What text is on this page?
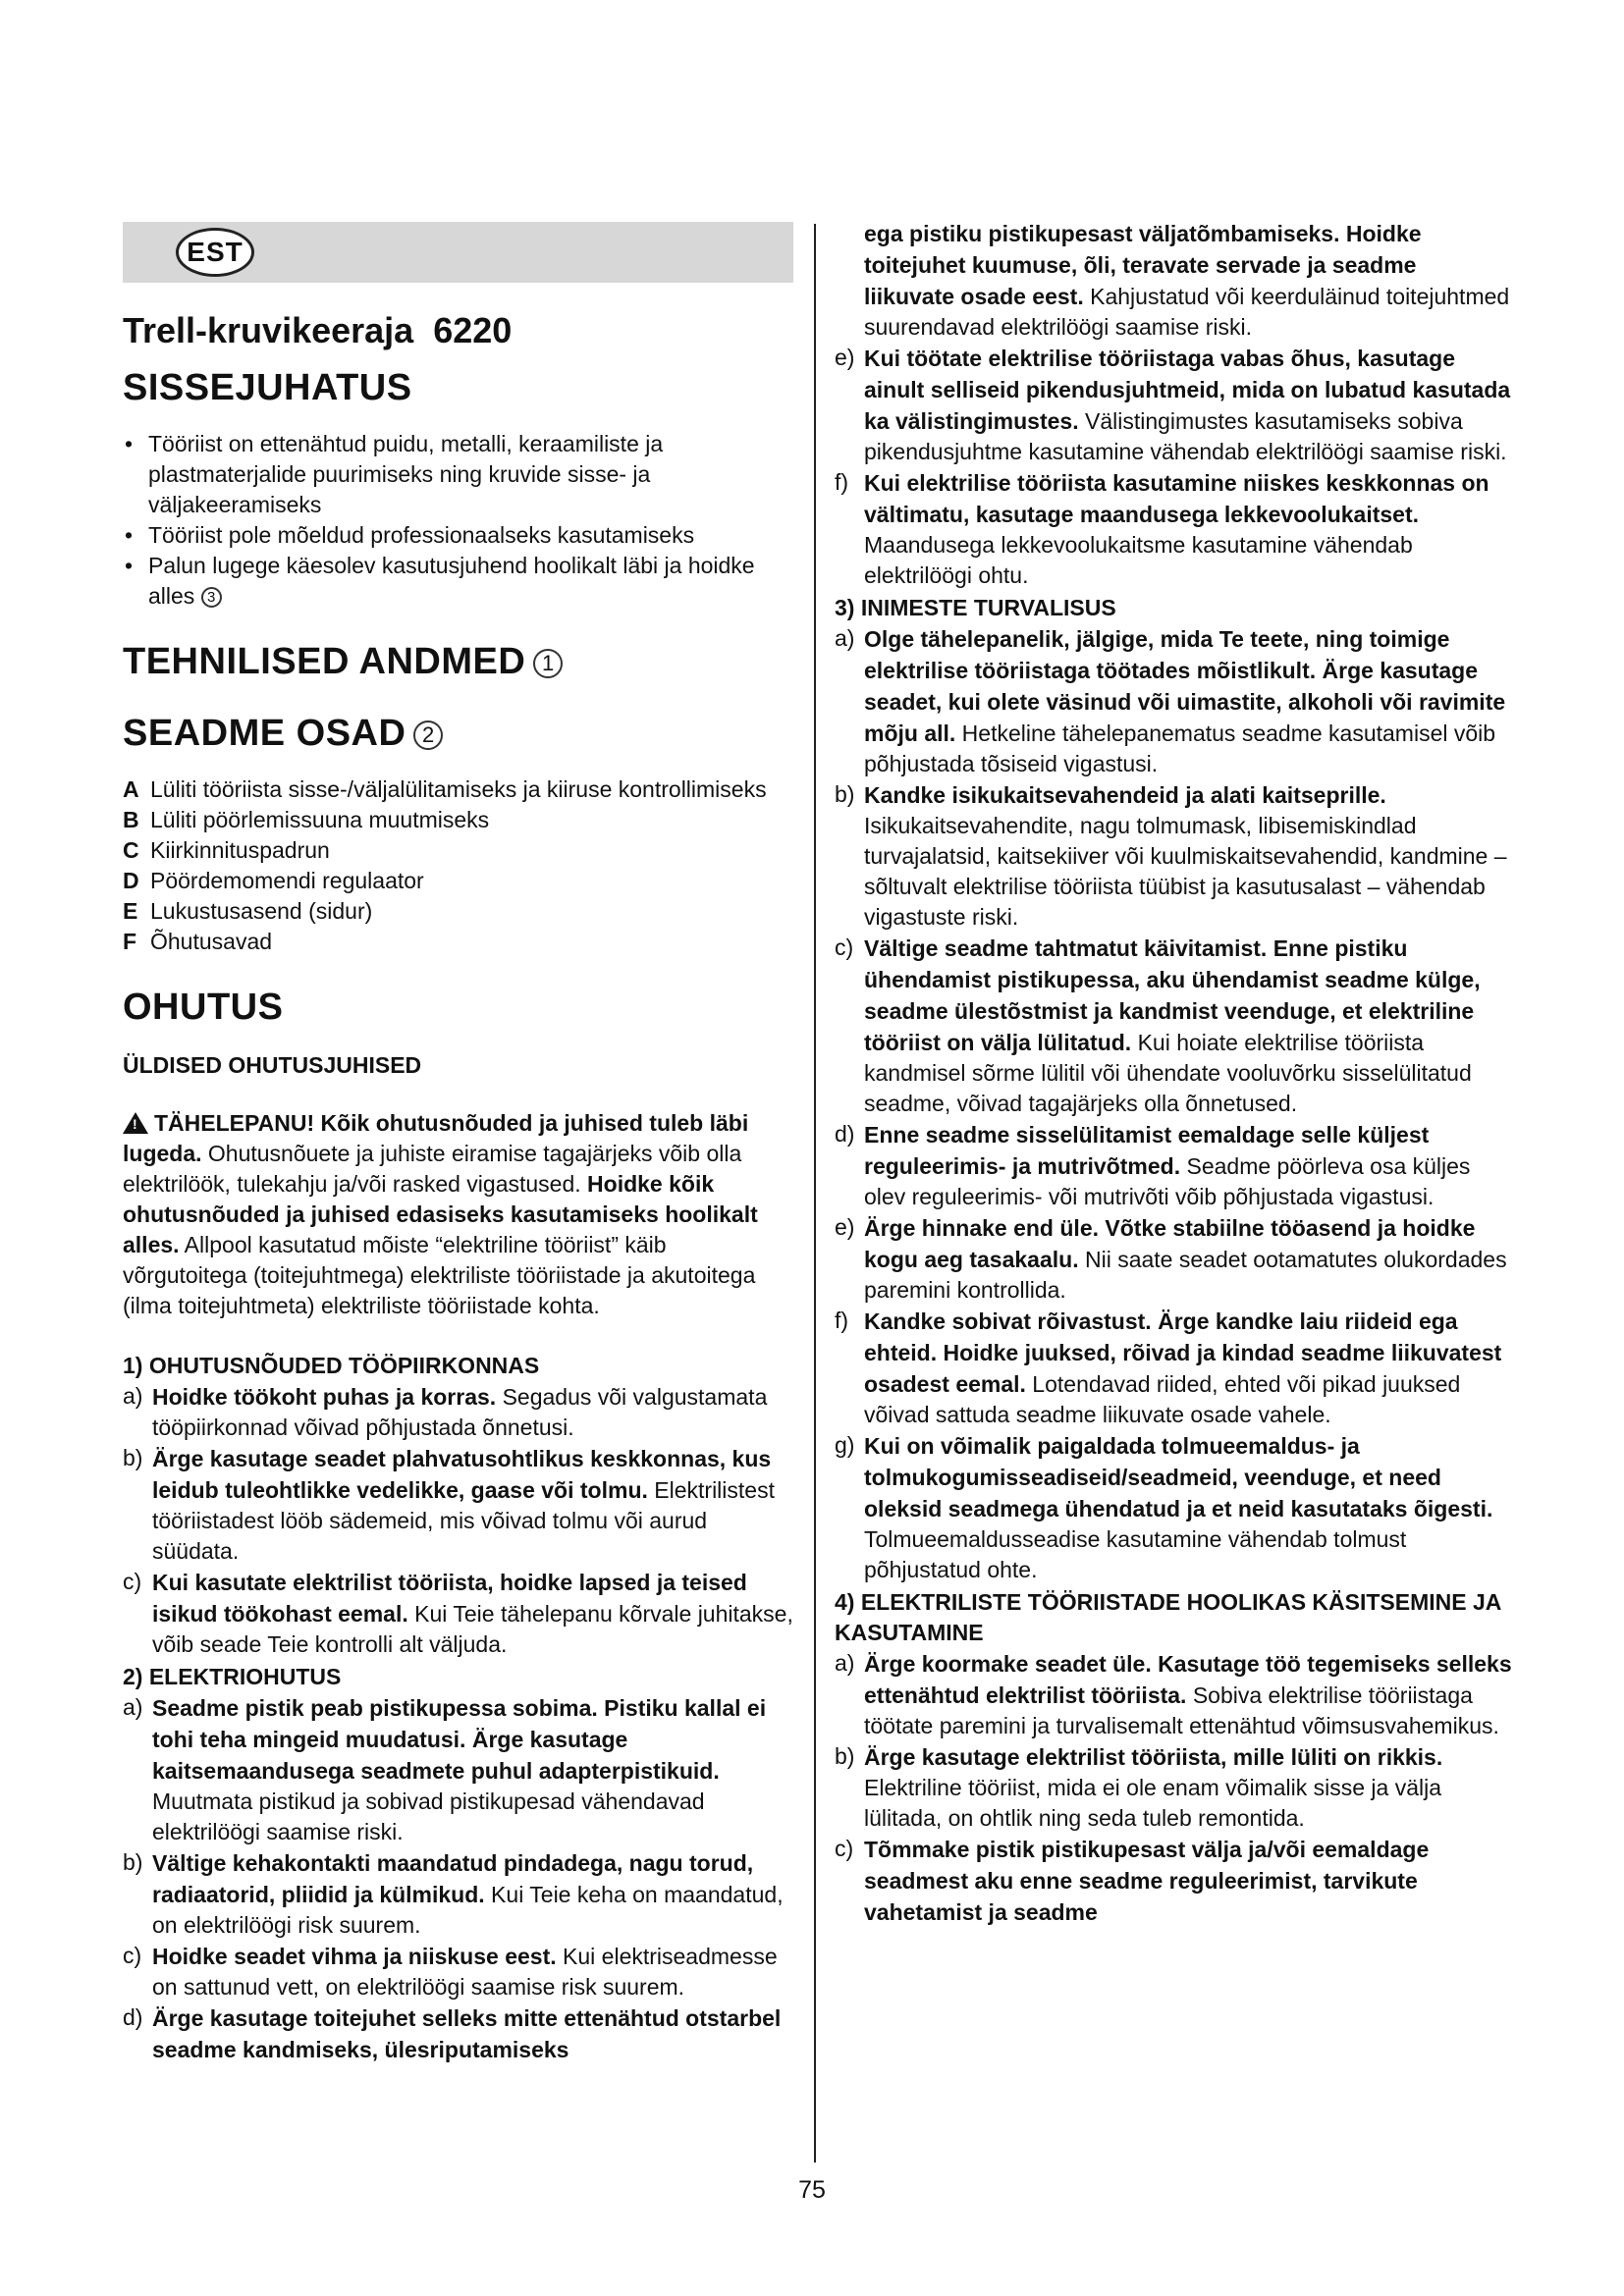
EST
Trell-kruvikeeraja  6220
SISSEJUHATUS
• Tööriist on ettenähtud puidu, metalli, keraamiliste ja plastmaterjalide puurimiseks ning kruvide sisse- ja väljakeeramiseks
• Tööriist pole mõeldud professionaalseks kasutamiseks
• Palun lugege käesolev kasutusjuhend hoolikalt läbi ja hoidke alles 3
TEHNILISED ANDMED 1
SEADME OSAD 2
A Lüliti tööriista sisse-/väljalülitamiseks ja kiiruse kontrollimiseks
B Lüliti pöörlemissuuna muutmiseks
C Kiirkinnituspadrun
D Pöördemomendi regulaator
E Lukustusasend (sidur)
F Õhutusavad
OHUTUS
ÜLDISED OHUTUSJUHISED

! TÄHELEPANU! Kõik ohutusnõuded ja juhised tuleb läbi lugeda. Ohutusnõuete ja juhiste eiramise tagajärjeks võib olla elektrilöök, tulekahju ja/või rasked vigastused. Hoidke kõik ohutusnõuded ja juhised edasiseks kasutamiseks hoolikalt alles. Allpool kasutatud mõiste “elektriline tööriist” käib võrgutoitega (toitejuhtmega) elektriliste tööriistade ja akutoitega (ilma toitejuhtmeta) elektriliste tööriistade kohta.

1) OHUTUSNÕUDED TÖÖPIIRKONNAS
a) Hoidke töökoht puhas ja korras. Segadus või valgustamata tööpiirkonnad võivad põhjustada õnnetusi.
b) Ärge kasutage seadet plahvatusohtlikus keskkonnas, kus leidub tuleohtlikke vedelikke, gaase või tolmu. Elektrilistest tööriistadest lööb sädemeid, mis võivad tolmu või aurud süüdata.
c) Kui kasutate elektrilist tööriista, hoidke lapsed ja teised isikud töökohast eemal. Kui Teie tähelepanu kõrvale juhitakse, võib seade Teie kontrolli alt väljuda.
2) ELEKTRIOHUTUS
a) Seadme pistik peab pistikupessa sobima. Pistiku kallal ei tohi teha mingeid muudatusi. Ärge kasutage kaitsemaandusega seadmete puhul adapterpistikuid. Muutmata pistikud ja sobivad pistikupesad vähendavad elektrilöögi saamise riski.
b) Vältige kehakontakti maandatud pindadega, nagu torud, radiaatorid, pliidid ja külmikud. Kui Teie keha on maandatud, on elektrilöögi risk suurem.
c) Hoidke seadet vihma ja niiskuse eest. Kui elektriseadmesse on sattunud vett, on elektrilöögi saamise risk suurem.
d) Ärge kasutage toitejuhet selleks mitte ettenähtud otstarbel seadme kandmiseks, ülesriputamiseks
ega pistiku pistikupesast väljatõmbamiseks. Hoidke toitejuhet kuumuse, õli, teravate servade ja seadme liikuvate osade eest. Kahjustatud või keerduläinud toitejuhtmed suurendavad elektrilöögi saamise riski.
e) Kui töötate elektrilise tööriistaga vabas õhus, kasutage ainult selliseid pikendusjuhtmeid, mida on lubatud kasutada ka välistingimustes. Välistingimustes kasutamiseks sobiva pikendusjuhtme kasutamine vähendab elektrilöögi saamise riski.
f) Kui elektrilise tööriista kasutamine niiskes keskkonnas on vältimatu, kasutage maandusega lekkevoolukaitset. Maandusega lekkevoolukaitsme kasutamine vähendab elektrilöögi ohtu.
3) INIMESTE TURVALISUS
a) Olge tähelepanelik, jälgige, mida Te teete, ning toimige elektrilise tööriistaga töötades mõistlikult. Ärge kasutage seadet, kui olete väsinud või uimastite, alkoholi või ravimite mõju all. Hetkeline tähelepanematus seadme kasutamisel võib põhjustada tõsiseid vigastusi.
b) Kandke isikukaitsevahendeid ja alati kaitseprille. Isikukaitsevahendite, nagu tolmumask, libisemiskindlad turvajalatsid, kaitsekiiver või kuulmiskaitsevahendid, kandmine – sõltuvalt elektrilise tööriista tüübist ja kasutusalast – vähendab vigastuste riski.
c) Vältige seadme tahtmatut käivitamist. Enne pistiku ühendamist pistikupessa, aku ühendamist seadme külge, seadme ülestõstmist ja kandmist veenduge, et elektriline tööriist on välja lülitatud. Kui hoiate elektrilise tööriista kandmisel sõrme lülitil või ühendate vooluvõrku sisselülitatud seadme, võivad tagajärjeks olla õnnetused.
d) Enne seadme sisselülitamist eemaldage selle küljest reguleerimis- ja mutrivõtmed. Seadme pöörleva osa küljes olev reguleerimis- või mutrivõti võib põhjustada vigastusi.
e) Ärge hinnake end üle. Võtke stabiilne tööasend ja hoidke kogu aeg tasakaalu. Nii saate seadet ootamatutes olukordades paremini kontrollida.
f) Kandke sobivat rõivastust. Ärge kandke laiu riideid ega ehteid. Hoidke juuksed, rõivad ja kindad seadme liikuvatest osadest eemal. Lotendavad riided, ehted või pikad juuksed võivad sattuda seadme liikuvate osade vahele.
g) Kui on võimalik paigaldada tolmueemaldus- ja tolmukogumisseadiseid/seadmeid, veenduge, et need oleksid seadmega ühendatud ja et neid kasutataks õigesti. Tolmueemaldusseadise kasutamine vähendab tolmust põhjustatud ohte.
4) ELEKTRILISTE TÖÖRIISTADE HOOLIKAS KÄSITSEMINE JA KASUTAMINE
a) Ärge koormake seadet üle. Kasutage töö tegemiseks selleks ettenähtud elektrilist tööriista. Sobiva elektrilise tööriistaga töötate paremini ja turvalisemalt ettenähtud võimsusvahemikus.
b) Ärge kasutage elektrilist tööriista, mille lüliti on rikkis. Elektriline tööriist, mida ei ole enam võimalik sisse ja välja lülitada, on ohtlik ning seda tuleb remontida.
c) Tõmmake pistik pistikupesast välja ja/või eemaldage seadmest aku enne seadme reguleerimist, tarvikute vahetamist ja seadme
75
